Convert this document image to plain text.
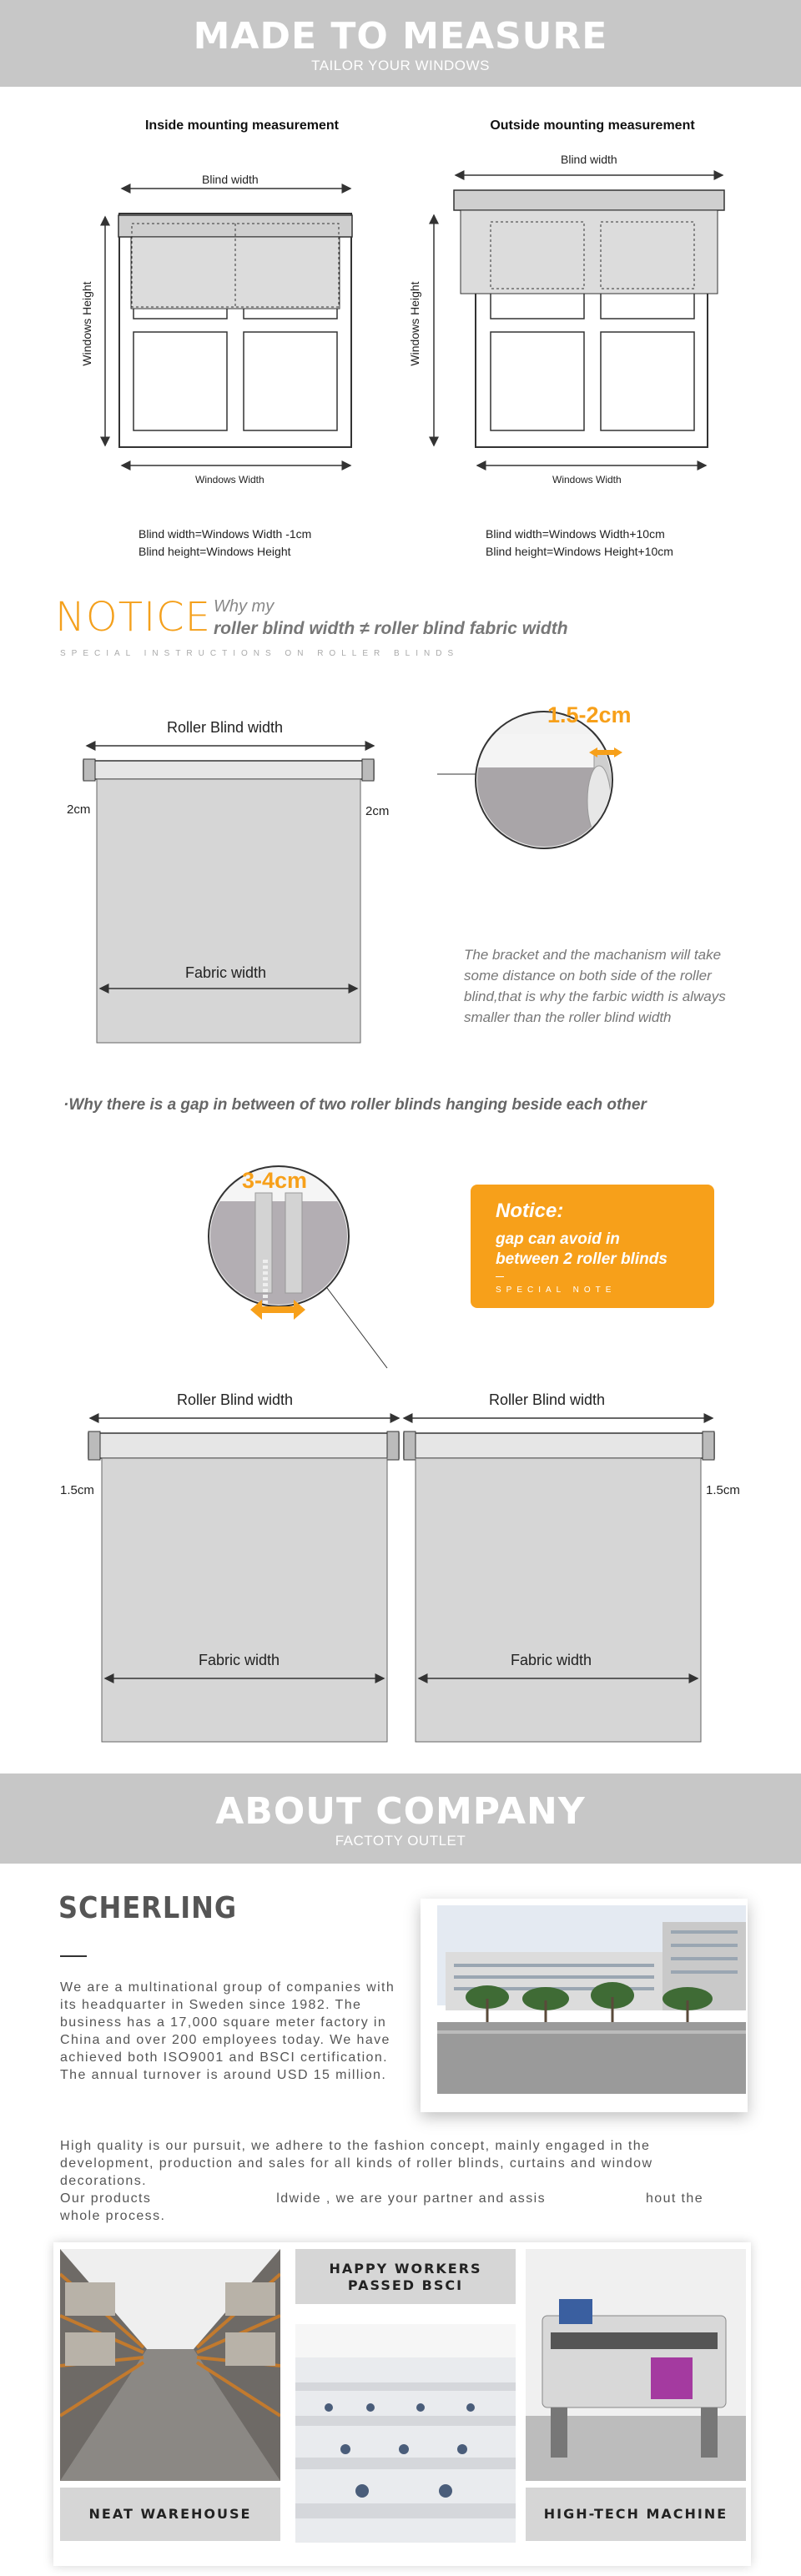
MADE TO MEASURE

TAILOR YOUR WINDOWS

Inside mounting measurement	Outside mounting measurement
Blind width
Windows Height
Windows Width
Blind width
Windows Height
Windows Width
Blind width=Windows Width -1cm
Blind height=Windows Height
Blind width=Windows Width+10cm
Blind height=Windows Height+10cm
NOTICE Why my
roller blind width ≠ roller blind fabric width
SPECIAL INSTRUCTIONS ON ROLLER BLINDS
Roller Blind width
2cm	2cm
Fabric width
1.5-2cm
The bracket and the machanism will take some distance on both side of the roller blind,that is why the farbic width is always smaller than the roller blind width
·Why there is a gap in between of two roller blinds hanging beside each other
3-4cm
Notice:
gap can avoid in
between 2 roller blinds
SPECIAL NOTE
Roller Blind width	Roller Blind width
1.5cm	1.5cm
Fabric width	Fabric width
ABOUT COMPANY

FACTOTY OUTLET

SCHERLING
We are a multinational group of companies with its headquarter in Sweden since 1982. The business has a 17,000 square meter factory in China and over 200 employees today. We have achieved both ISO9001 and BSCI certification. The annual turnover is around USD 15 million.
High quality is our pursuit, we adhere to the fashion concept, mainly engaged in the development, production and sales for all kinds of roller blinds, curtains and window decorations.
Our products	ldwide , we are your partner and assis	hout the
whole process.
NEAT WAREHOUSE
HAPPY WORKERS
PASSED BSCI
HIGH-TECH MACHINE
